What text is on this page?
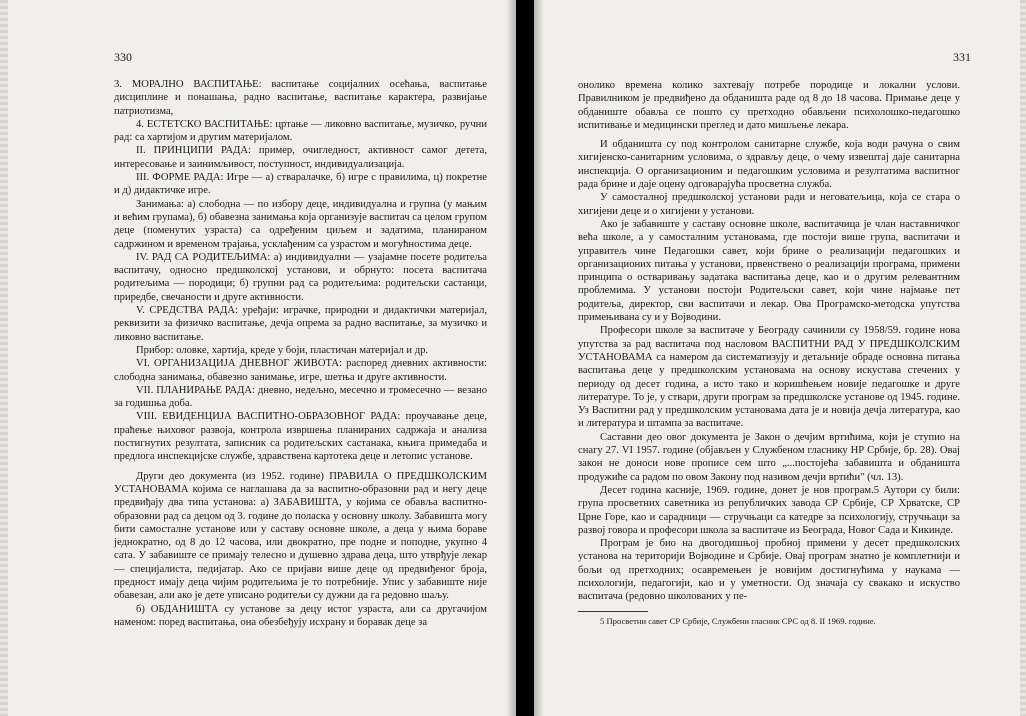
330

3. МОРАЛНО ВАСПИТАЊЕ: васпитање социјалних осећања, васпитање дисциплине и понашања, радно васпитање, васпитање карактера, развијање патриотизма,

4. ЕСТЕТСКО ВАСПИТАЊЕ: цртање — ликовно васпитање, музичко, ручни рад: са хартијом и другим материјалом.

II. ПРИНЦИПИ РАДА: пример, очигледност, активност самог детета, интересовање и заинимљивост, поступност, индивидуализација.

III. ФОРМЕ РАДА: Игре — а) стваралачке, б) игре с правилима, ц) покретне и д) дидактичке игре.

Занимања: а) слободна — по избору деце, индивидуална и групна (у мањим и већим групама), б) обавезна занимања која организује васпитач са целом групом деце (поменутих узраста) са одређеним циљем и задатима, планираном садржином и временом трајања, усклађеним са узрастом и могућностима деце.

IV. РАД СА РОДИТЕЉИМА: а) индивидуални — узајамне посете родитеља васпитачу, односно предшколској установи, и обрнуто: посета васпитача родитељима — породици; б) групни рад са родитељима: родитељски састанци, приредбе, свечаности и друге активности.

V. СРЕДСТВА РАДА: уређаји: играчке, природни и дидактички материјал, реквизити за физичко васпитање, дечја опрема за радно васпитање, за музичко и ликовно васпитање.

Прибор: оловке, хартија, креде у боји, пластичан материјал и др.

VI. ОРГАНИЗАЦИЈА ДНЕВНОГ ЖИВОТА: распоред дневних активности: слободна занимања, обавезно занимање, игре, шетња и друге активности.

VII. ПЛАНИРАЊЕ РАДА: дневно, недељно, месечно и тромесечно — везано за годишња доба.

VIII. ЕВИДЕНЦИЈА ВАСПИТНО-ОБРАЗОВНОГ РАДА: проучавање деце, праћење њиховог развоја, контрола извршења планираних садржаја и анализа постигнутих резултата, записник са родитељских састанака, књига примедаба и предлога инспекцијске службе, здравствена картотека деце и летопис установе.

Други део документа (из 1952. године) ПРАВИЛА О ПРЕДШКОЛСКИМ УСТАНОВАМА којима се наглашава да за васпитно-образовни рад и негу деце предвиђају два типа установа: а) ЗАБАВИШТА, у којима се обавља васпитно-образовни рад са децом од 3. године до поласка у основну школу. Забавишта могу бити самосталне установе или у саставу основне школе, а деца у њима бораве једнократно, од 8 до 12 часова, или двократно, пре подне и поподне, укупно 4 сата. У забавиште се примају телесно и душевно здрава деца, што утврђује лекар — специјалиста, педијатар. Ако се пријави више деце од предвиђеног броја, предност имају деца чијим родитељима је то потребније. Упис у забавиште није обавезан, али ако је дете уписано родитељи су дужни да га редовно шаљу.

б) ОБДАНИШТА су установе за децу истог узраста, али са другачијом наменом: поред васпитања, она обезбеђују исхрану и боравак деце за

331

онолико времена колико захтевају потребе породице и локални услови. Правилником је предвиђено да обданишта раде од 8 до 18 часова. Примање деце у обданиште обавља се пошто су претходно обављени психолошко-педагошко испитивање и медицински преглед и дато мишљење лекара.

И обданишта су под контролом санитарне службе, која води рачуна о свим хигијенско-санитарним условима, о здрављу деце, о чему извештај даје санитарна инспекција. О организационим и педагошким условима и резултатима васпитног рада брине и даје оцену одговарајућа просветна служба.

У самосталној предшколској установи ради и неговатељица, која се стара о хигијени деце и о хигијени у установи.

Ако је забавиште у саставу основне школе, васпитачица је члан наставничког већа школе, а у самосталним установама, где постоји више група, васпитачи и управитељ чине Педагошки савет, који брине о реализацији педагошких и организационих питања у установи, првенствено о реализацији програма, примени принципа о остваривању задатака васпитања деце, као и о другим релевантним проблемима. У установи постоји Родитељски савет, који чине најмање пет родитеља, директор, сви васпитачи и лекар. Ова Програмско-методска упутства примењивана су и у Војводини.

Професори школе за васпитаче у Београду сачинили су 1958/59. године нова упутства за рад васпитача под насловом ВАСПИТНИ РАД У ПРЕДШКОЛСКИМ УСТАНОВАМА са намером да систематизују и детаљније обраде основна питања васпитања деце у предшколским установама на основу искустава стечених у периоду од десет година, а исто тако и коришћењем новије педагошке и друге литературе. То је, у ствари, други програм за предшколске установе од 1945. године. Уз Васпитни рад у предшколским установама дата је и новија дечја литература, као и литература и штампа за васпитаче.

Саставни део овог документа је Закон о дечјим вртићима, који је ступио на снагу 27. VI 1957. године (објављен у Службеном гласнику НР Србије, бр. 28). Овај закон не доноси нове прописе сем што „...постојећа забавишта и обданишта продужиће са радом по овом Закону под називом дечји вртићи" (чл. 13).

Десет година касније, 1969. године, донет је нов програм.5 Аутори су били: група просветних саветника из републичких завода СР Србије, СР Хрватске, СР Црне Горе, као и сарадници — стручњаци са катедре за психологију, стручњаци за развој говора и професори школа за васпитаче из Београда, Новог Сада и Кикинде.

Програм је био на двогодишњој пробној примени у десет предшколских установа на територији Војводине и Србије. Овај програм знатно је комплетнији и бољи од претходних; осавремењен је новијим достигнућима у наукама — психологији, педагогији, као и у уметности. Од значаја су свакако и искуство васпитача (редовно школованих у пе-

5 Просветни савет СР Србије, Службени гласник СРС од 8. II 1969. године.
